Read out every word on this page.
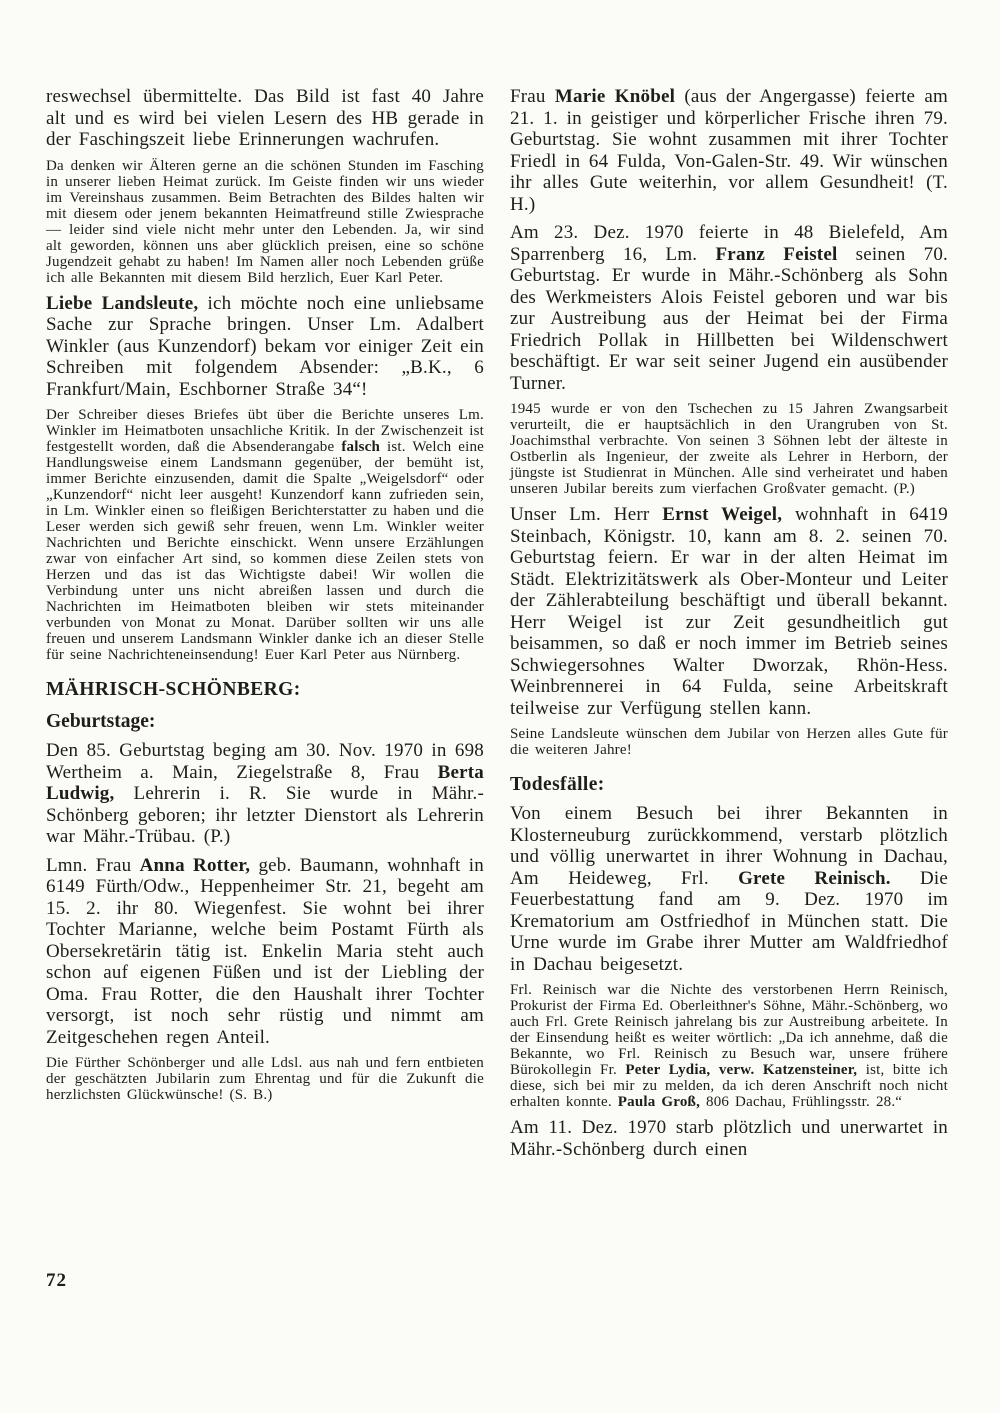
reswechsel übermittelte. Das Bild ist fast 40 Jahre alt und es wird bei vielen Lesern des HB gerade in der Faschingszeit liebe Erinnerungen wachrufen.

Da denken wir Älteren gerne an die schönen Stunden im Fasching in unserer lieben Heimat zurück. Im Geiste finden wir uns wieder im Vereinshaus zusammen. Beim Betrachten des Bildes halten wir mit diesem oder jenem bekannten Heimatfreund stille Zwiesprache — leider sind viele nicht mehr unter den Lebenden. Ja, wir sind alt geworden, können uns aber glücklich preisen, eine so schöne Jugendzeit gehabt zu haben! Im Namen aller noch Lebenden grüße ich alle Bekannten mit diesem Bild herzlich, Euer Karl Peter.

Liebe Landsleute, ich möchte noch eine unliebsame Sache zur Sprache bringen. Unser Lm. Adalbert Winkler (aus Kunzendorf) bekam vor einiger Zeit ein Schreiben mit folgendem Absender: „B.K., 6 Frankfurt/Main, Eschborner Straße 34“!

Der Schreiber dieses Briefes übt über die Berichte unseres Lm. Winkler im Heimatboten unsachliche Kritik. In der Zwischenzeit ist festgestellt worden, daß die Absenderangabe falsch ist. Welch eine Handlungsweise einem Landsmann gegenüber, der bemüht ist, immer Berichte einzusenden, damit die Spalte „Weigelsdorf“ oder „Kunzendorf“ nicht leer ausgeht! Kunzendorf kann zufrieden sein, in Lm. Winkler einen so fleißigen Berichterstatter zu haben und die Leser werden sich gewiß sehr freuen, wenn Lm. Winkler weiter Nachrichten und Berichte einschickt. Wenn unsere Erzählungen zwar von einfacher Art sind, so kommen diese Zeilen stets von Herzen und das ist das Wichtigste dabei! Wir wollen die Verbindung unter uns nicht abreißen lassen und durch die Nachrichten im Heimatboten bleiben wir stets miteinander verbunden von Monat zu Monat. Darüber sollten wir uns alle freuen und unserem Landsmann Winkler danke ich an dieser Stelle für seine Nachrichteneinsendung! Euer Karl Peter aus Nürnberg.

MÄHRISCH-SCHÖNBERG:

Geburtstage:

Den 85. Geburtstag beging am 30. Nov. 1970 in 698 Wertheim a. Main, Ziegelstraße 8, Frau Berta Ludwig, Lehrerin i. R. Sie wurde in Mähr.-Schönberg geboren; ihr letzter Dienstort als Lehrerin war Mähr.-Trübau. (P.)

Lmn. Frau Anna Rotter, geb. Baumann, wohnhaft in 6149 Fürth/Odw., Heppenheimer Str. 21, begeht am 15. 2. ihr 80. Wiegenfest. Sie wohnt bei ihrer Tochter Marianne, welche beim Postamt Fürth als Obersekretärin tätig ist. Enkelin Maria steht auch schon auf eigenen Füßen und ist der Liebling der Oma. Frau Rotter, die den Haushalt ihrer Tochter versorgt, ist noch sehr rüstig und nimmt am Zeitgeschehen regen Anteil.

Die Fürther Schönberger und alle Ldsl. aus nah und fern entbieten der geschätzten Jubilarin zum Ehrentag und für die Zukunft die herzlichsten Glückwünsche! (S. B.)

Frau Marie Knöbel (aus der Angergasse) feierte am 21. 1. in geistiger und körperlicher Frische ihren 79. Geburtstag. Sie wohnt zusammen mit ihrer Tochter Friedl in 64 Fulda, Von-Galen-Str. 49. Wir wünschen ihr alles Gute weiterhin, vor allem Gesundheit! (T. H.)

Am 23. Dez. 1970 feierte in 48 Bielefeld, Am Sparrenberg 16, Lm. Franz Feistel seinen 70. Geburtstag. Er wurde in Mähr.-Schönberg als Sohn des Werkmeisters Alois Feistel geboren und war bis zur Austreibung aus der Heimat bei der Firma Friedrich Pollak in Hillbetten bei Wildenschwert beschäftigt. Er war seit seiner Jugend ein ausübender Turner.

1945 wurde er von den Tschechen zu 15 Jahren Zwangsarbeit verurteilt, die er hauptsächlich in den Urangruben von St. Joachimsthal verbrachte. Von seinen 3 Söhnen lebt der älteste in Ostberlin als Ingenieur, der zweite als Lehrer in Herborn, der jüngste ist Studienrat in München. Alle sind verheiratet und haben unseren Jubilar bereits zum vierfachen Großvater gemacht. (P.)

Unser Lm. Herr Ernst Weigel, wohnhaft in 6419 Steinbach, Königstr. 10, kann am 8. 2. seinen 70. Geburtstag feiern. Er war in der alten Heimat im Städt. Elektrizitätswerk als Ober-Monteur und Leiter der Zählerabteilung beschäftigt und überall bekannt. Herr Weigel ist zur Zeit gesundheitlich gut beisammen, so daß er noch immer im Betrieb seines Schwiegersohnes Walter Dworzak, Rhön-Hess. Weinbrennerei in 64 Fulda, seine Arbeitskraft teilweise zur Verfügung stellen kann.

Seine Landsleute wünschen dem Jubilar von Herzen alles Gute für die weiteren Jahre!

Todesfälle:

Von einem Besuch bei ihrer Bekannten in Klosterneuburg zurückkommend, verstarb plötzlich und völlig unerwartet in ihrer Wohnung in Dachau, Am Heideweg, Frl. Grete Reinisch. Die Feuerbestattung fand am 9. Dez. 1970 im Krematorium am Ostfriedhof in München statt. Die Urne wurde im Grabe ihrer Mutter am Waldfriedhof in Dachau beigesetzt.

Frl. Reinisch war die Nichte des verstorbenen Herrn Reinisch, Prokurist der Firma Ed. Oberleithner's Söhne, Mähr.-Schönberg, wo auch Frl. Grete Reinisch jahrelang bis zur Austreibung arbeitete. In der Einsendung heißt es weiter wörtlich: „Da ich annehme, daß die Bekannte, wo Frl. Reinisch zu Besuch war, unsere frühere Bürokollegin Fr. Peter Lydia, verw. Katzensteiner, ist, bitte ich diese, sich bei mir zu melden, da ich deren Anschrift noch nicht erhalten konnte. Paula Groß, 806 Dachau, Frühlingsstr. 28.“

Am 11. Dez. 1970 starb plötzlich und unerwartet in Mähr.-Schönberg durch einen

72
